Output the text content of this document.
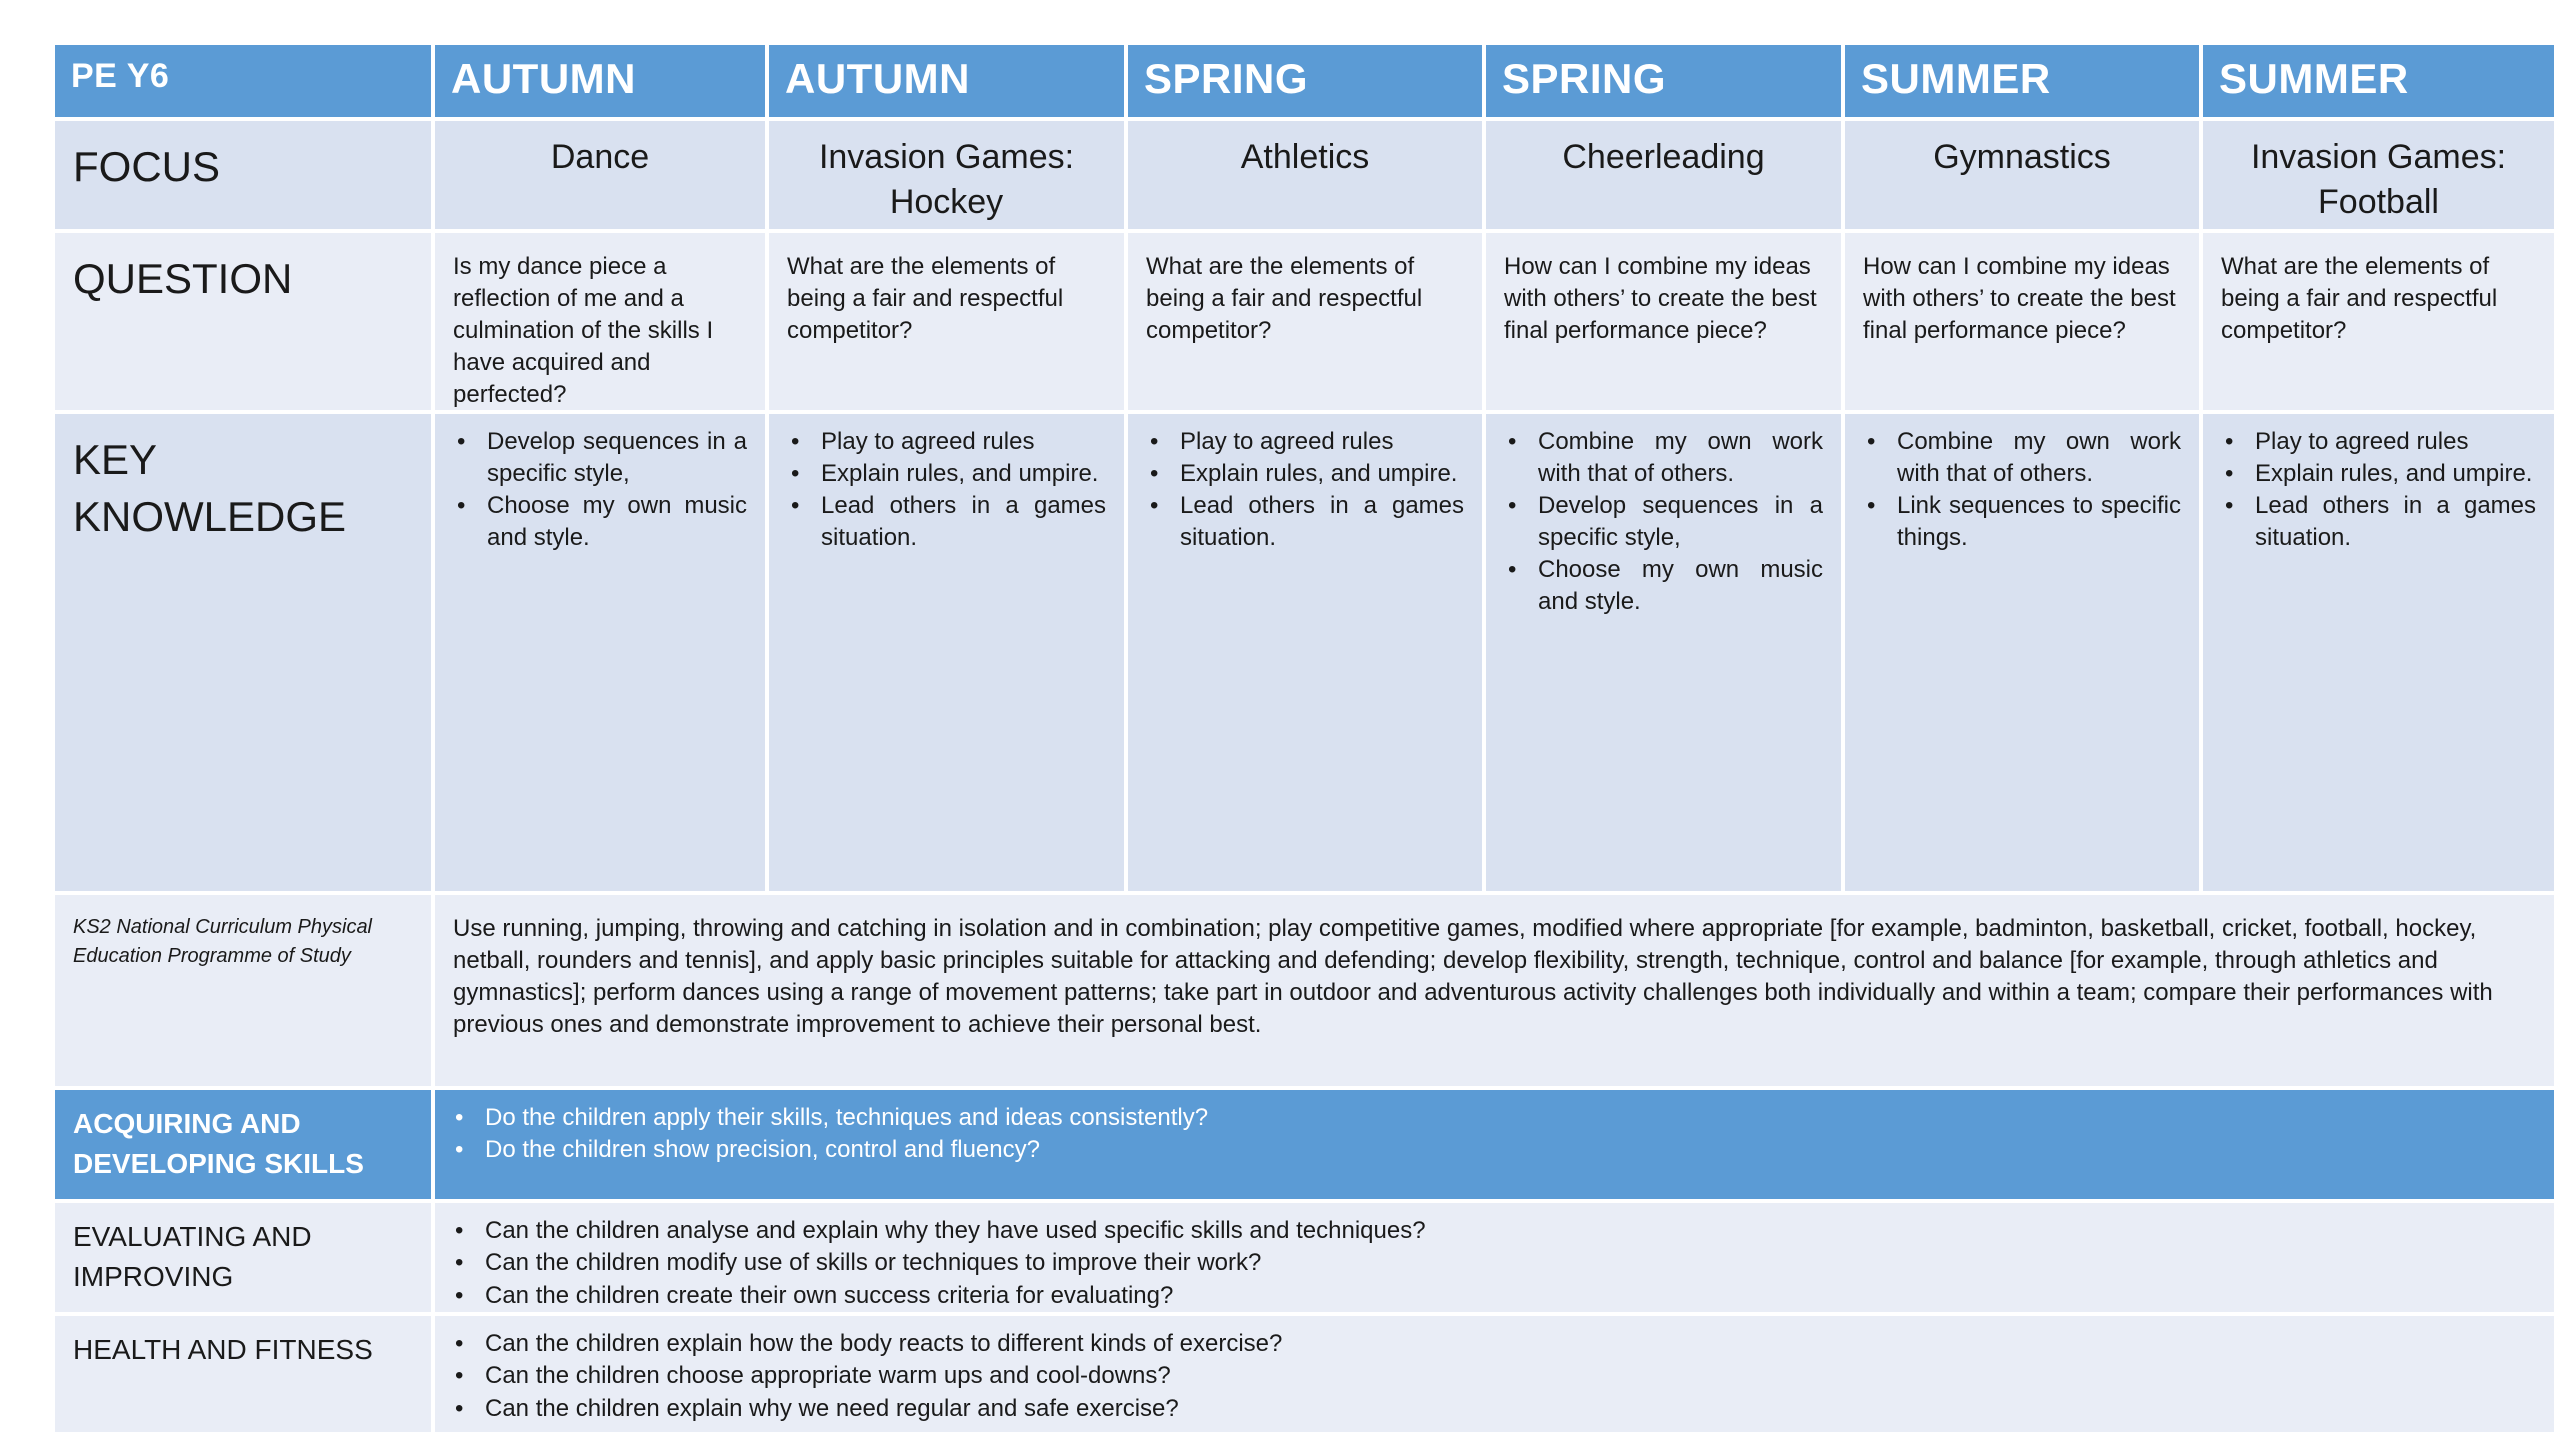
PE Y6	AUTUMN	AUTUMN	SPRING	SPRING	SUMMER	SUMMER
FOCUS	Dance	Invasion Games: Hockey
Athletics	Cheerleading	Gymnastics	Invasion Games: Football
QUESTION	Is my dance piece a reflection of me and a culmination of the skills I have acquired and perfected?
What are the elements of being a fair and respectful competitor?
What are the elements of being a fair and respectful competitor?
How can I combine my ideas with others’ to create the best final performance piece?
How can I combine my ideas with others’ to create the best final performance piece?
What are the elements of being a fair and respectful competitor?
KEY KNOWLEDGE
• Develop sequences in a specific style,
• Choose my own music and style.
• Play to agreed rules
• Explain rules, and umpire.
• Lead others in a games situation.
• Play to agreed rules
• Explain rules, and umpire.
• Lead others in a games situation.
• Combine my own work with that of others.
• Develop sequences in a specific style,
• Choose my own music and style.
• Combine my own work with that of others.
• Link sequences to specific things.
• Play to agreed rules
• Explain rules, and umpire.
• Lead others in a games situation.
KS2 National Curriculum Physical Education Programme of Study
Use running, jumping, throwing and catching in isolation and in combination; play competitive games, modified where appropriate [for example, badminton, basketball, cricket, football, hockey, netball, rounders and tennis], and apply basic principles suitable for attacking and defending; develop flexibility, strength, technique, control and balance [for example, through athletics and gymnastics]; perform dances using a range of movement patterns; take part in outdoor and adventurous activity challenges both individually and within a team; compare their performances with previous ones and demonstrate improvement to achieve their personal best.
ACQUIRING AND DEVELOPING SKILLS
• Do the children apply their skills, techniques and ideas consistently?
• Do the children show precision, control and fluency?
EVALUATING AND IMPROVING
• Can the children analyse and explain why they have used specific skills and techniques?
• Can the children modify use of skills or techniques to improve their work?
• Can the children create their own success criteria for evaluating?
HEALTH AND FITNESS
•	Can the children explain how the body reacts to different kinds of exercise?
• Can the children choose appropriate warm ups and cool-downs?
• Can the children explain why we need regular and safe exercise?
